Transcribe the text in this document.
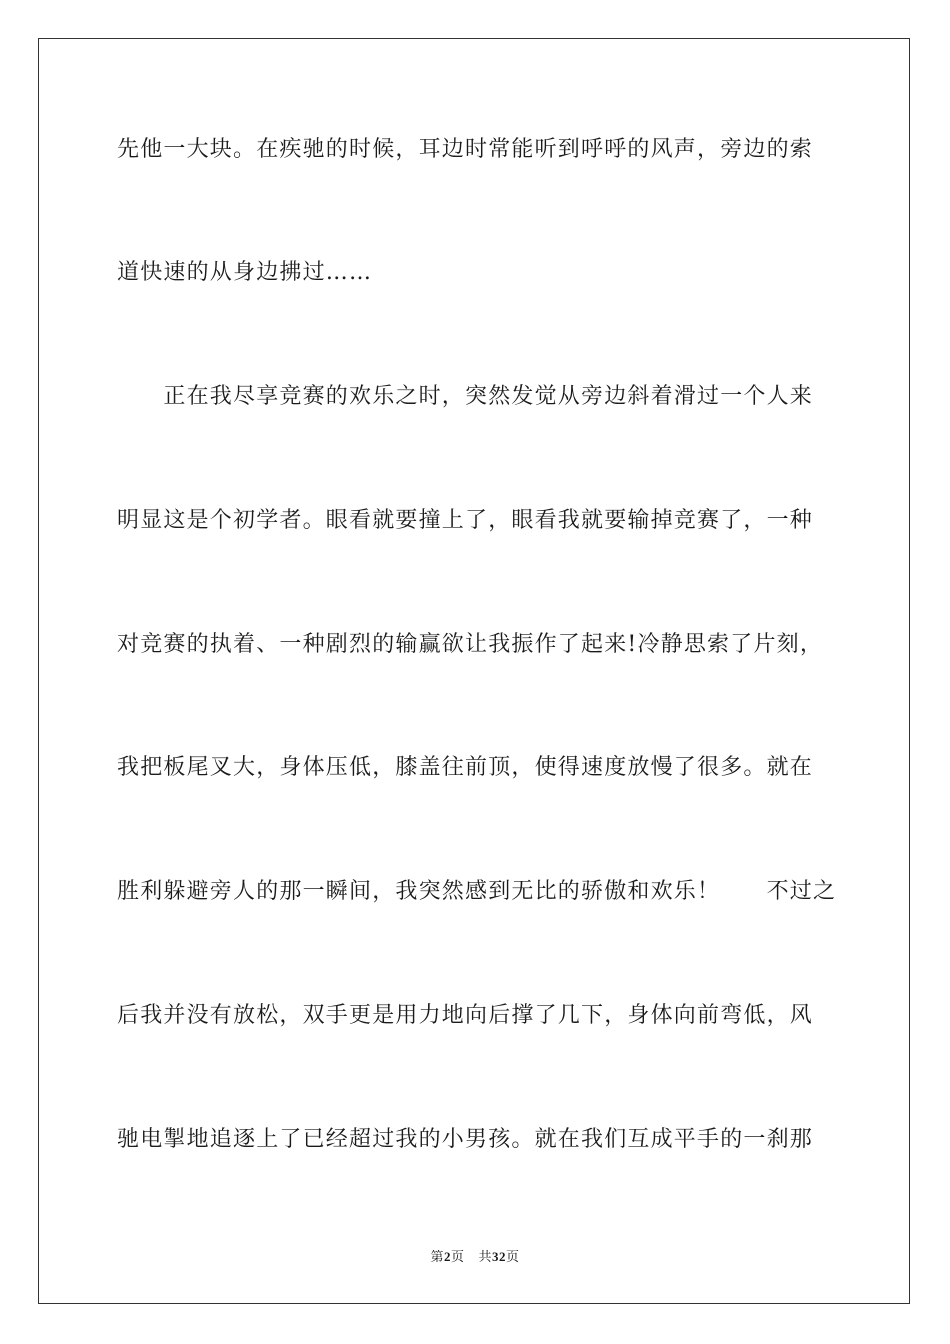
先他一大块。在疾驰的时候，耳边时常能听到呼呼的风声，旁边的索
道快速的从身边拂过……
　　正在我尽享竞赛的欢乐之时，突然发觉从旁边斜着滑过一个人来
明显这是个初学者。眼看就要撞上了，眼看我就要输掉竞赛了，一种
对竞赛的执着、一种剧烈的输赢欲让我振作了起来!冷静思索了片刻，
我把板尾叉大，身体压低，膝盖往前顶，使得速度放慢了很多。就在
胜利躲避旁人的那一瞬间，我突然感到无比的骄傲和欢乐！　　不过之
后我并没有放松，双手更是用力地向后撑了几下，身体向前弯低，风
驰电掣地追逐上了已经超过我的小男孩。就在我们互成平手的一刹那
第2页 共32页
